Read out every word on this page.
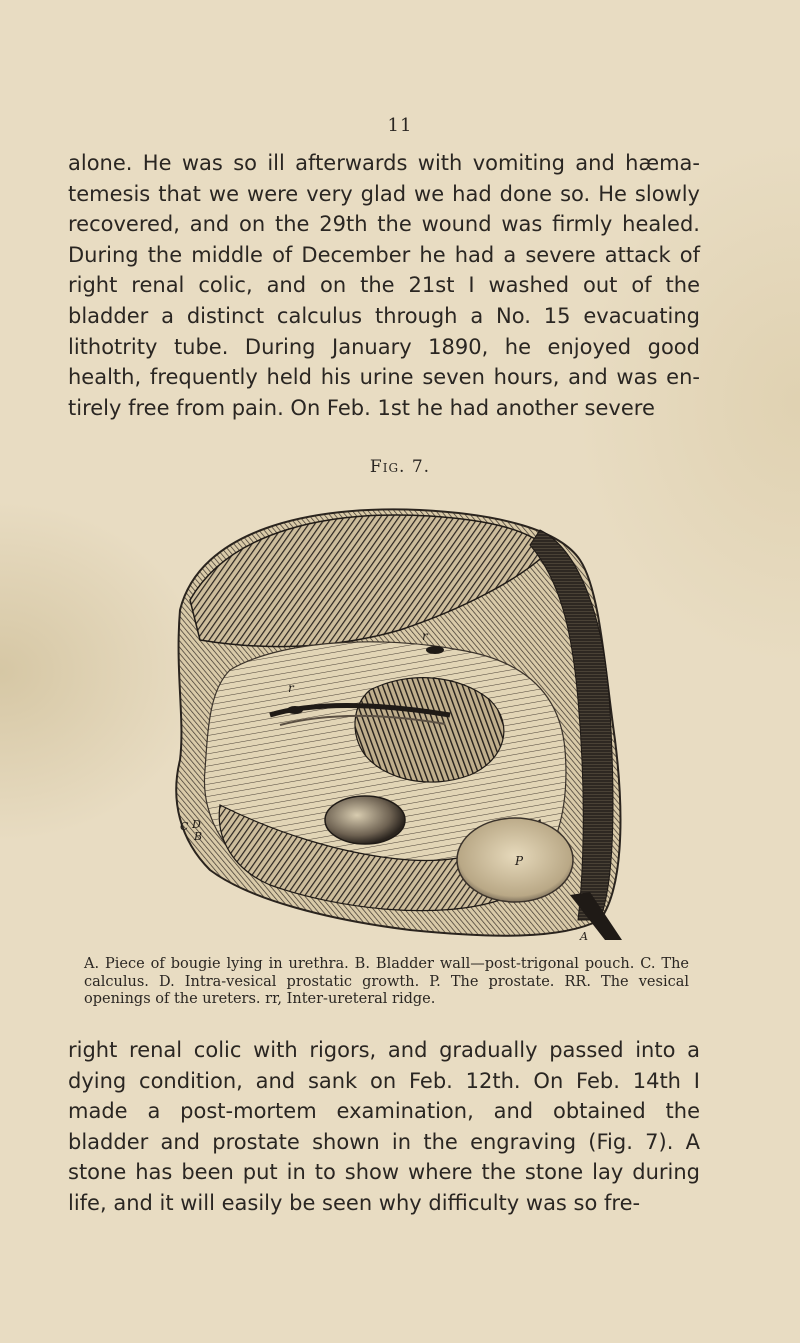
11
alone. He was so ill afterwards with vomiting and hæmatemesis that we were very glad we had done so. He slowly recovered, and on the 29th the wound was firmly healed. During the middle of December he had a severe attack of right renal colic, and on the 21st I washed out of the bladder a distinct calculus through a No. 15 evacuating lithotrity tube. During January 1890, he enjoyed good health, frequently held his urine seven hours, and was entirely free from pain. On Feb. 1st he had another severe
Fig. 7.
r
r
P
A
C D
B
A. Piece of bougie lying in urethra. B. Bladder wall—post-trigonal pouch. C. The calculus. D. Intra-vesical prostatic growth. P. The prostate. RR. The vesical openings of the ureters. rr, Inter-ureteral ridge.
right renal colic with rigors, and gradually passed into a dying condition, and sank on Feb. 12th. On Feb. 14th I made a post-mortem examination, and obtained the bladder and prostate shown in the engraving (Fig. 7). A stone has been put in to show where the stone lay during life, and it will easily be seen why difficulty was so fre-
